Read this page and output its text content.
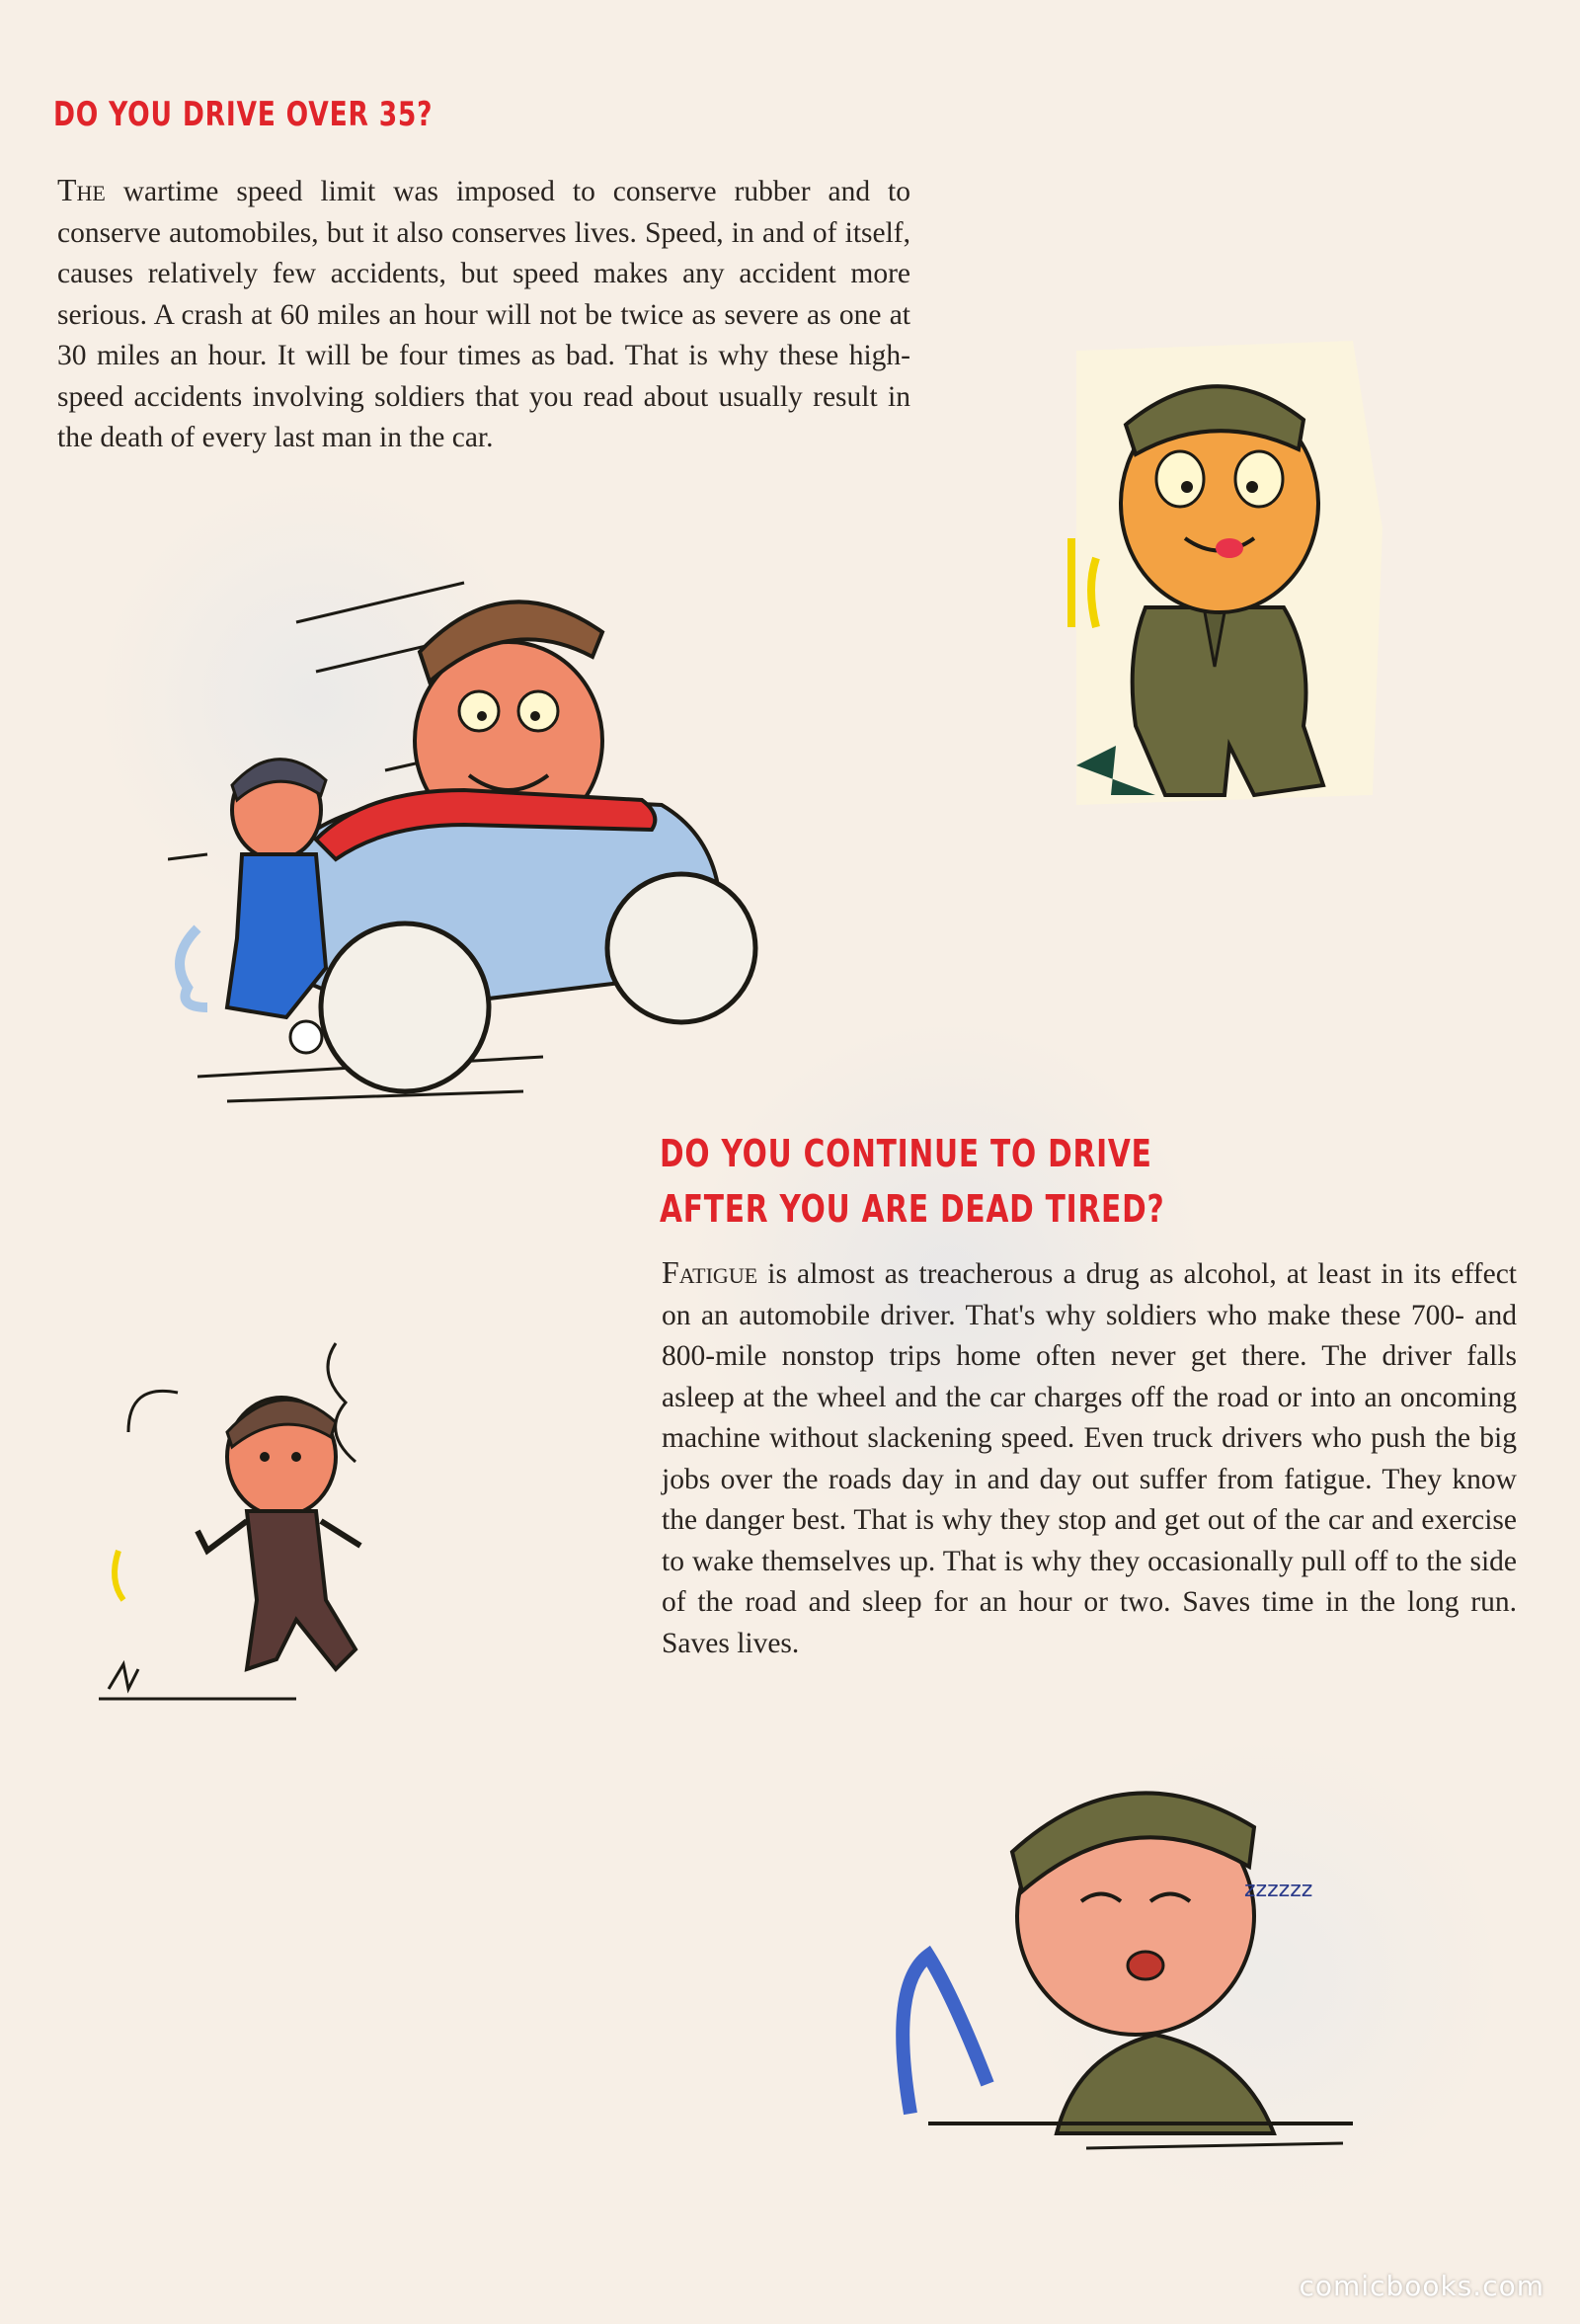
DO YOU DRIVE OVER 35?

The wartime speed limit was imposed to conserve rubber and to conserve automobiles, but it also conserves lives. Speed, in and of itself, causes relatively few accidents, but speed makes any accident more serious. A crash at 60 miles an hour will not be twice as severe as one at 30 miles an hour. It will be four times as bad. That is why these high-speed accidents involving soldiers that you read about usually result in the death of every last man in the car.

DO YOU CONTINUE TO DRIVE
AFTER YOU ARE DEAD TIRED?

Fatigue is almost as treacherous a drug as alcohol, at least in its effect on an automobile driver. That's why soldiers who make these 700- and 800-mile nonstop trips home often never get there. The driver falls asleep at the wheel and the car charges off the road or into an oncoming machine without slackening speed. Even truck drivers who push the big jobs over the roads day in and day out suffer from fatigue. They know the danger best. That is why they stop and get out of the car and exercise to wake themselves up. That is why they occasionally pull off to the side of the road and sleep for an hour or two. Saves time in the long run. Saves lives.

zzzzzz
comicbooks.com
